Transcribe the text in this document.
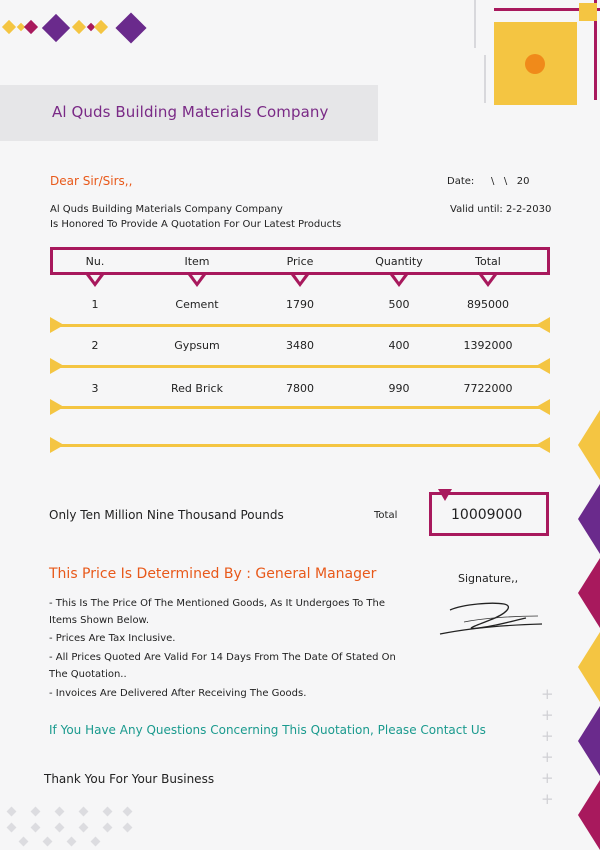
Al Quds Building Materials Company
Dear Sir/Sirs,,	Date: \   \   20
Al Quds Building Materials Company Company
Is Honored To Provide A Quotation For Our Latest Products
Valid until: 2-2-2030
Nu.	Item	Price	Quantity	Total
1	Cement	1790	500	895000
2	Gypsum	3480	400	1392000
3	Red Brick	7800	990	7722000
Only Ten Million Nine Thousand Pounds	Total	10009000
This Price Is Determined By : General Manager	Signature,,
- This Is The Price Of The Mentioned Goods, As It Undergoes To The
Items Shown Below.
- Prices Are Tax Inclusive.
- All Prices Quoted Are Valid For 14 Days From The Date Of Stated On
The Quotation..
- Invoices Are Delivered After Receiving The Goods.
If You Have Any Questions Concerning This Quotation, Please Contact Us
Thank You For Your Business
+
+
+
+
+
+
